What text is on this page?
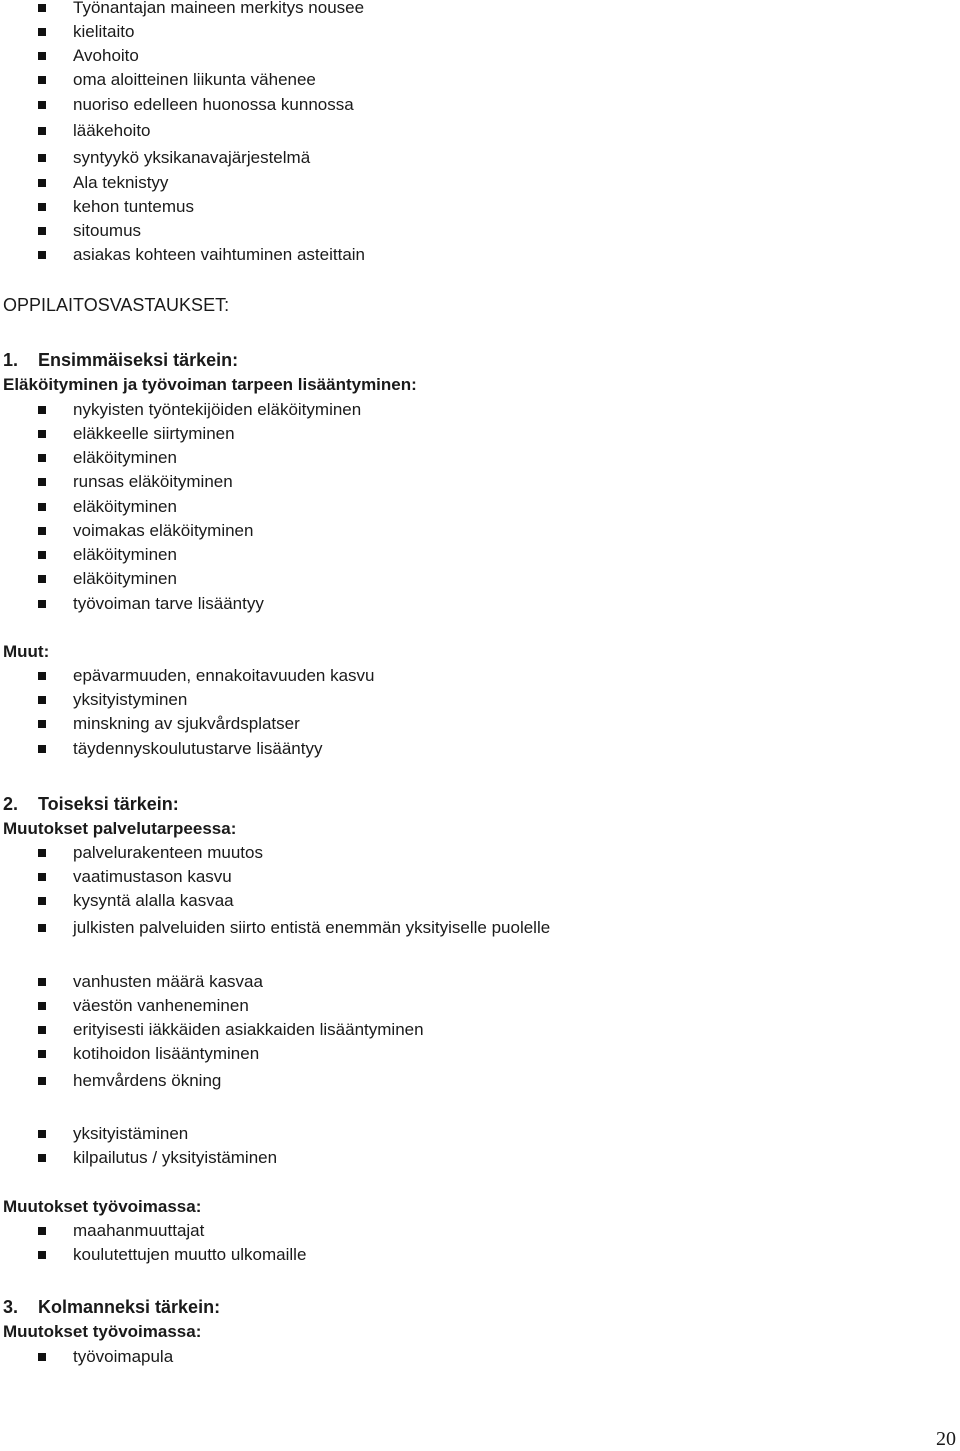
Työnantajan maineen merkitys nousee
kielitaito
Avohoito
oma aloitteinen liikunta vähenee
nuoriso edelleen huonossa kunnossa
lääkehoito
syntyykö yksikanavajärjestelmä
Ala teknistyy
kehon tuntemus
sitoumus
asiakas kohteen vaihtuminen asteittain
OPPILAITOSVASTAUKSET:
1. Ensimmäiseksi tärkein:
Eläköityminen ja työvoiman tarpeen lisääntyminen:
nykyisten työntekijöiden eläköityminen
eläkkeelle siirtyminen
eläköityminen
runsas eläköityminen
eläköityminen
voimakas eläköityminen
eläköityminen
eläköityminen
työvoiman tarve lisääntyy
Muut:
epävarmuuden, ennakoitavuuden kasvu
yksityistyminen
minskning av sjukvårdsplatser
täydennyskoulutustarve lisääntyy
2. Toiseksi tärkein:
Muutokset palvelutarpeessa:
palvelurakenteen muutos
vaatimustason kasvu
kysyntä alalla kasvaa
julkisten palveluiden siirto entistä enemmän yksityiselle puolelle
vanhusten määrä kasvaa
väestön vanheneminen
erityisesti iäkkäiden asiakkaiden lisääntyminen
kotihoidon lisääntyminen
hemvårdens ökning
yksityistäminen
kilpailutus / yksityistäminen
Muutokset työvoimassa:
maahanmuuttajat
koulutettujen muutto ulkomaille
3. Kolmanneksi tärkein:
Muutokset työvoimassa:
työvoimapula
20
